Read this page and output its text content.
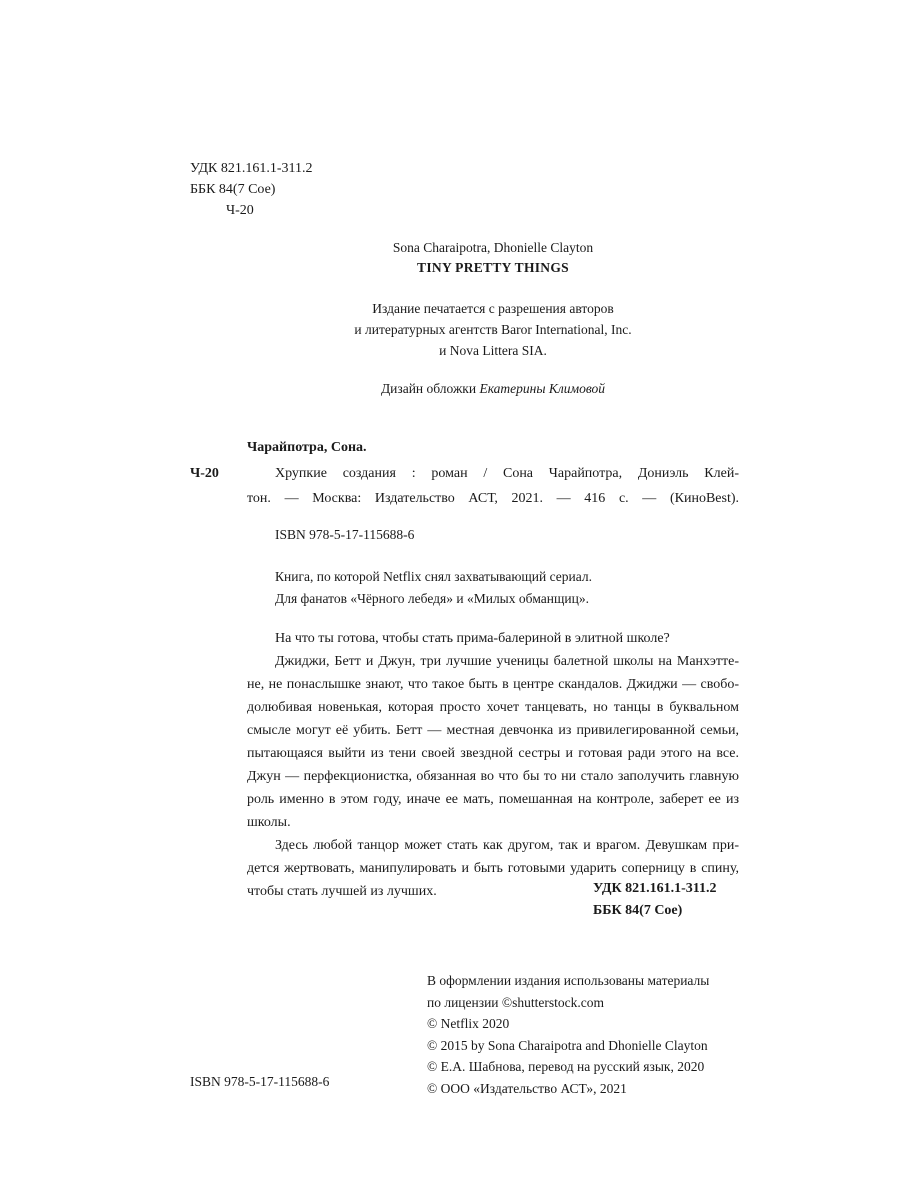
УДК 821.161.1-311.2
ББК 84(7 Сое)
Ч-20
Sona Charaipotra, Dhonielle Clayton
TINY PRETTY THINGS
Издание печатается с разрешения авторов
и литературных агентств Baror International, Inc.
и Nova Littera SIA.
Дизайн обложки Екатерины Климовой
Чарайпотра, Сона.
Ч-20	Хрупкие создания : роман / Сона Чарайпотра, Дониэль Клей-
тон. — Москва: Издательство АСТ, 2021. — 416 с. — (КиноBest).
ISBN 978-5-17-115688-6
Книга, по которой Netflix снял захватывающий сериал.
Для фанатов «Чёрного лебедя» и «Милых обманщиц».
На что ты готова, чтобы стать прима-балериной в элитной школе?
Джиджи, Бетт и Джун, три лучшие ученицы балетной школы на Манхэтте-
не, не понаслышке знают, что такое быть в центре скандалов. Джиджи — свобо-
долюбивая новенькая, которая просто хочет танцевать, но танцы в буквальном
смысле могут её убить. Бетт — местная девчонка из привилегированной семьи,
пытающаяся выйти из тени своей звездной сестры и готовая ради этого на все.
Джун — перфекционистка, обязанная во что бы то ни стало заполучить главную
роль именно в этом году, иначе ее мать, помешанная на контроле, заберет ее из
школы.
Здесь любой танцор может стать как другом, так и врагом. Девушкам при-
дется жертвовать, манипулировать и быть готовыми ударить соперницу в спину,
чтобы стать лучшей из лучших.	УДК 821.161.1-311.2
ББК 84(7 Сое)
В оформлении издания использованы материалы
по лицензии ©shutterstock.com
© Netflix 2020
© 2015 by Sona Charaipotra and Dhonielle Clayton
© Е.А. Шабнова, перевод на русский язык, 2020
© ООО «Издательство АСТ», 2021
ISBN 978-5-17-115688-6
